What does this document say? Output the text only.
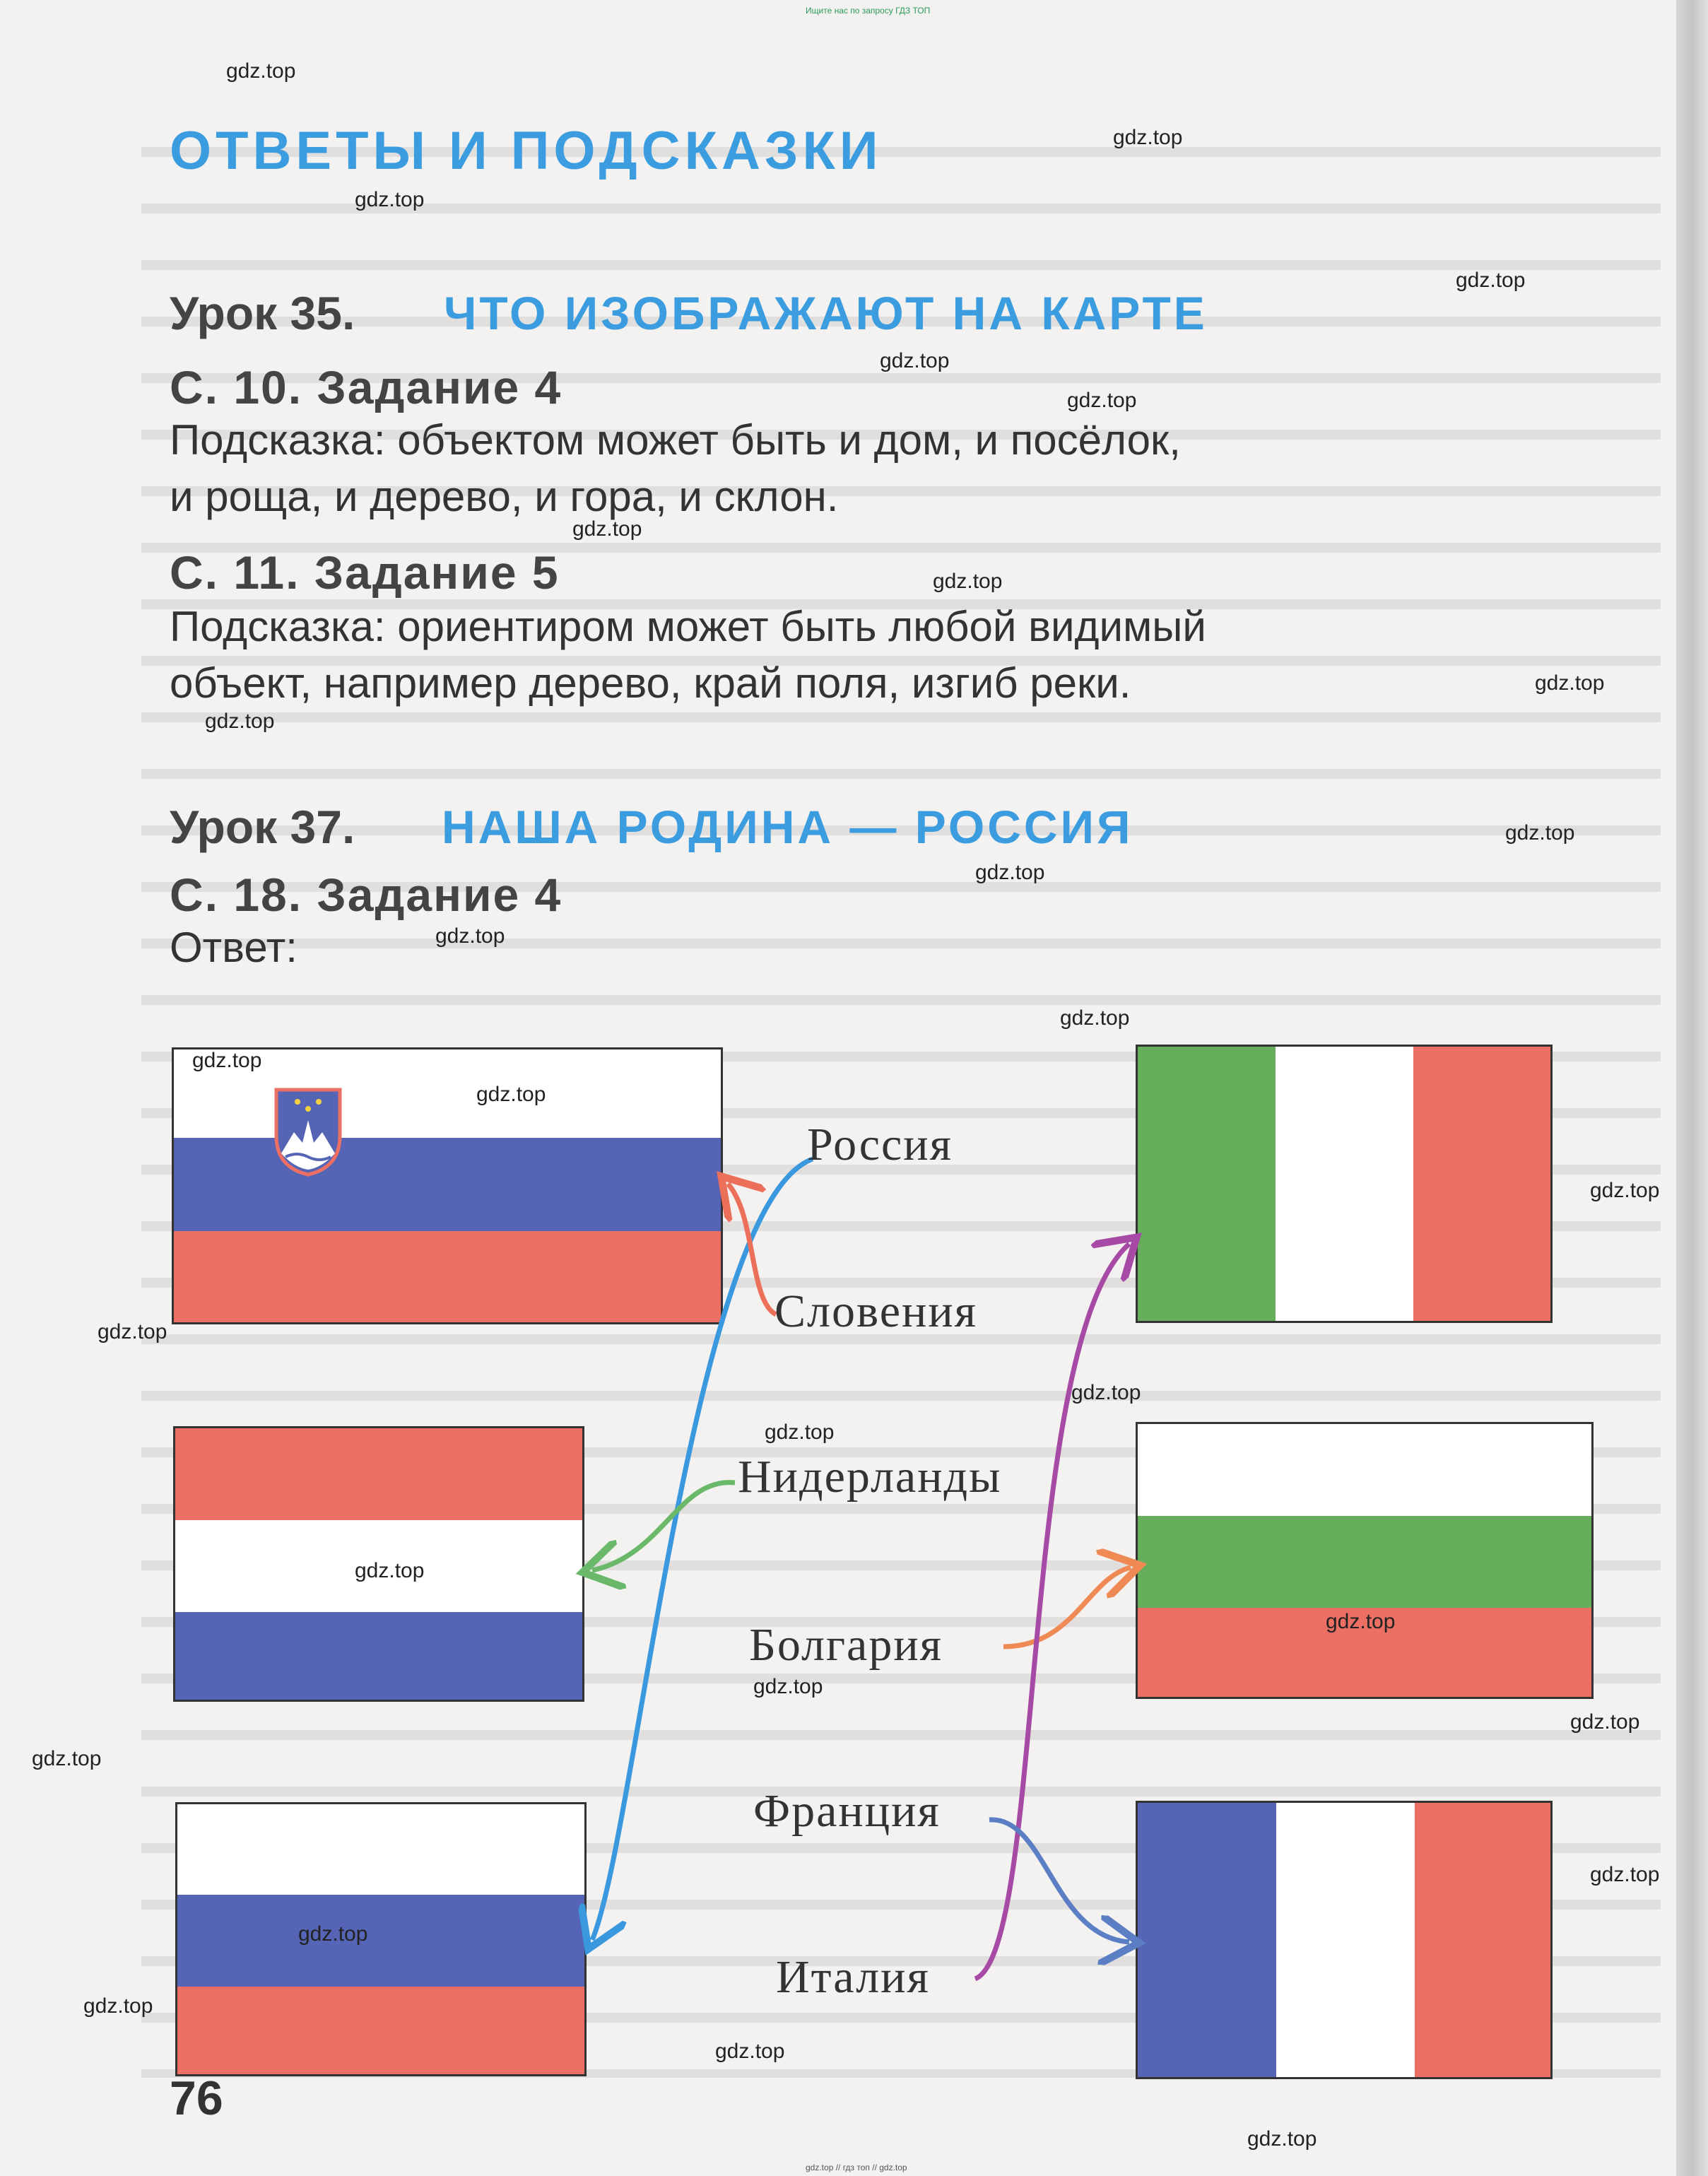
Ищите нас по запросу ГДЗ ТОП
ОТВЕТЫ И ПОДСКАЗКИ
Урок 35. ЧТО ИЗОБРАЖАЮТ НА КАРТЕ
С. 10. Задание 4
Подсказка: объектом может быть и дом, и посёлок,
и роща, и дерево, и гора, и склон.
С. 11. Задание 5
Подсказка: ориентиром может быть любой видимый
объект, например дерево, край поля, изгиб реки.
Урок 37. НАША РОДИНА — РОССИЯ
С. 18. Задание 4
Ответ:
Россия
Словения
Нидерланды
Болгария
Франция
Италия
76
gdz.top
gdz.top
gdz.top
gdz.top
gdz.top
gdz.top
gdz.top
gdz.top
gdz.top
gdz.top
gdz.top
gdz.top
gdz.top
gdz.top
gdz.top
gdz.top
gdz.top
gdz.top
gdz.top
gdz.top
gdz.top
gdz.top
gdz.top
gdz.top
gdz.top
gdz.top
gdz.top
gdz.top
gdz.top
gdz.top
gdz.top // гдз топ // gdz.top
